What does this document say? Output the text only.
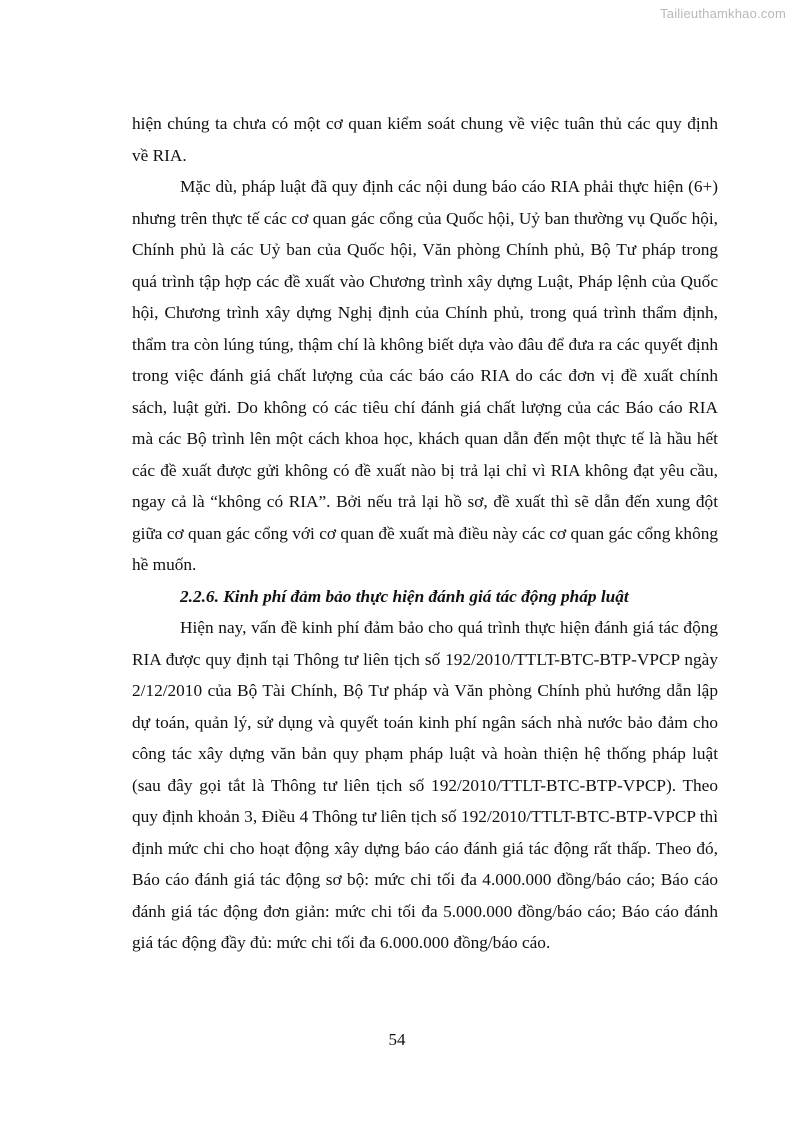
Tailieuthamkhao.com

hiện chúng ta chưa có một cơ quan kiểm soát chung về việc tuân thủ các quy định về RIA.

Mặc dù, pháp luật đã quy định các nội dung báo cáo RIA phải thực hiện (6+) nhưng trên thực tế các cơ quan gác cổng của Quốc hội, Uỷ ban thường vụ Quốc hội, Chính phủ là các Uỷ ban của Quốc hội, Văn phòng Chính phủ, Bộ Tư pháp trong quá trình tập hợp các đề xuất vào Chương trình xây dựng Luật, Pháp lệnh của Quốc hội, Chương trình xây dựng Nghị định của Chính phủ, trong quá trình thẩm định, thẩm tra còn lúng túng, thậm chí là không biết dựa vào đâu để đưa ra các quyết định trong việc đánh giá chất lượng của các báo cáo RIA do các đơn vị đề xuất chính sách, luật gửi. Do không có các tiêu chí đánh giá chất lượng của các Báo cáo RIA mà các Bộ trình lên một cách khoa học, khách quan dẫn đến một thực tế là hầu hết các đề xuất được gửi không có đề xuất nào bị trả lại chỉ vì RIA không đạt yêu cầu, ngay cả là “không có RIA”. Bởi nếu trả lại hồ sơ, đề xuất thì sẽ dẫn đến xung đột giữa cơ quan gác cổng với cơ quan đề xuất mà điều này các cơ quan gác cổng không hề muốn.

2.2.6. Kinh phí đảm bảo thực hiện đánh giá tác động pháp luật

Hiện nay, vấn đề kinh phí đảm bảo cho quá trình thực hiện đánh giá tác động RIA được quy định tại Thông tư liên tịch số 192/2010/TTLT-BTC-BTP-VPCP ngày 2/12/2010 của Bộ Tài Chính, Bộ Tư pháp và Văn phòng Chính phủ hướng dẫn lập dự toán, quản lý, sử dụng và quyết toán kinh phí ngân sách nhà nước bảo đảm cho công tác xây dựng văn bản quy phạm pháp luật và hoàn thiện hệ thống pháp luật (sau đây gọi tắt là Thông tư liên tịch số 192/2010/TTLT-BTC-BTP-VPCP). Theo quy định khoản 3, Điều 4 Thông tư liên tịch số 192/2010/TTLT-BTC-BTP-VPCP thì định mức chi cho hoạt động xây dựng báo cáo đánh giá tác động rất thấp. Theo đó, Báo cáo đánh giá tác động sơ bộ: mức chi tối đa 4.000.000 đồng/báo cáo; Báo cáo đánh giá tác động đơn giản: mức chi tối đa 5.000.000 đồng/báo cáo; Báo cáo đánh giá tác động đầy đủ: mức chi tối đa 6.000.000 đồng/báo cáo.

54
